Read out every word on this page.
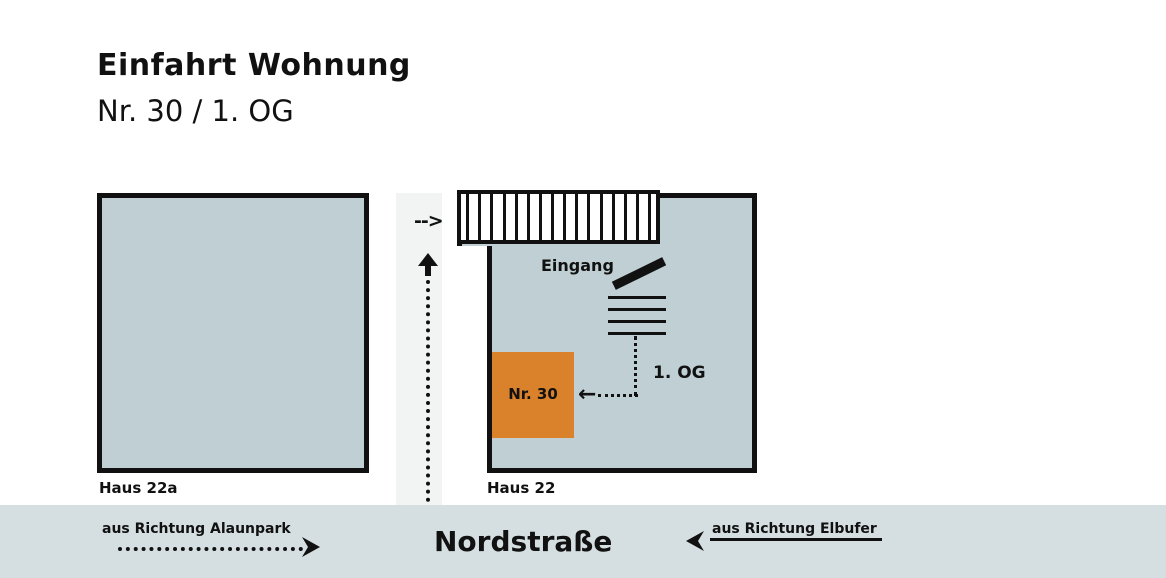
Einfahrt Wohnung
Nr. 30 / 1. OG
Haus 22a	Haus 22
-->
Eingang
1. OG
←
Nr. 30
Nordstraße
aus Richtung Alaunpark	aus Richtung Elbufer
